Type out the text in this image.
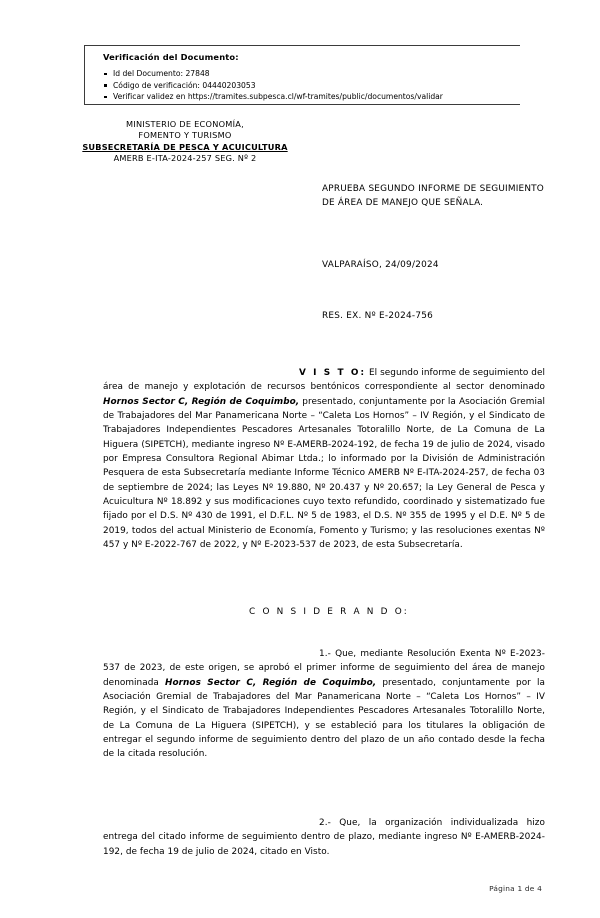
Verificación del Documento:
Id del Documento: 27848
Código de verificación: 04440203053
Verificar validez en https://tramites.subpesca.cl/wf-tramites/public/documentos/validar
MINISTERIO DE ECONOMÍA,
FOMENTO Y TURISMO
SUBSECRETARÍA DE PESCA Y ACUICULTURA
AMERB E-ITA-2024-257 SEG. Nº 2
APRUEBA SEGUNDO INFORME DE SEGUIMIENTO DE ÁREA DE MANEJO QUE SEÑALA.
VALPARAÍSO, 24/09/2024
RES. EX. Nº E-2024-756
V I S T O: El segundo informe de seguimiento del área de manejo y explotación de recursos bentónicos correspondiente al sector denominado Hornos Sector C, Región de Coquimbo, presentado, conjuntamente por la Asociación Gremial de Trabajadores del Mar Panamericana Norte – “Caleta Los Hornos” – IV Región, y el Sindicato de Trabajadores Independientes Pescadores Artesanales Totoralillo Norte, de La Comuna de La Higuera (SIPETCH), mediante ingreso Nº E-AMERB-2024-192, de fecha 19 de julio de 2024, visado por Empresa Consultora Regional Abimar Ltda.; lo informado por la División de Administración Pesquera de esta Subsecretaría mediante Informe Técnico AMERB Nº E-ITA-2024-257, de fecha 03 de septiembre de 2024; las Leyes Nº 19.880, Nº 20.437 y Nº 20.657; la Ley General de Pesca y Acuicultura Nº 18.892 y sus modificaciones cuyo texto refundido, coordinado y sistematizado fue fijado por el D.S. Nº 430 de 1991, el D.F.L. Nº 5 de 1983, el D.S. Nº 355 de 1995 y el D.E. Nº 5 de 2019, todos del actual Ministerio de Economía, Fomento y Turismo; y las resoluciones exentas Nº 457 y Nº E-2022-767 de 2022, y Nº E-2023-537 de 2023, de esta Subsecretaría.
C O N S I D E R A N D O:
1.- Que, mediante Resolución Exenta Nº E-2023-537 de 2023, de este origen, se aprobó el primer informe de seguimiento del área de manejo denominada Hornos Sector C, Región de Coquimbo, presentado, conjuntamente por la Asociación Gremial de Trabajadores del Mar Panamericana Norte – “Caleta Los Hornos” – IV Región, y el Sindicato de Trabajadores Independientes Pescadores Artesanales Totoralillo Norte, de La Comuna de La Higuera (SIPETCH), y se estableció para los titulares la obligación de entregar el segundo informe de seguimiento dentro del plazo de un año contado desde la fecha de la citada resolución.
2.- Que, la organización individualizada hizo entrega del citado informe de seguimiento dentro de plazo, mediante ingreso Nº E-AMERB-2024-192, de fecha 19 de julio de 2024, citado en Visto.
Página 1 de 4
